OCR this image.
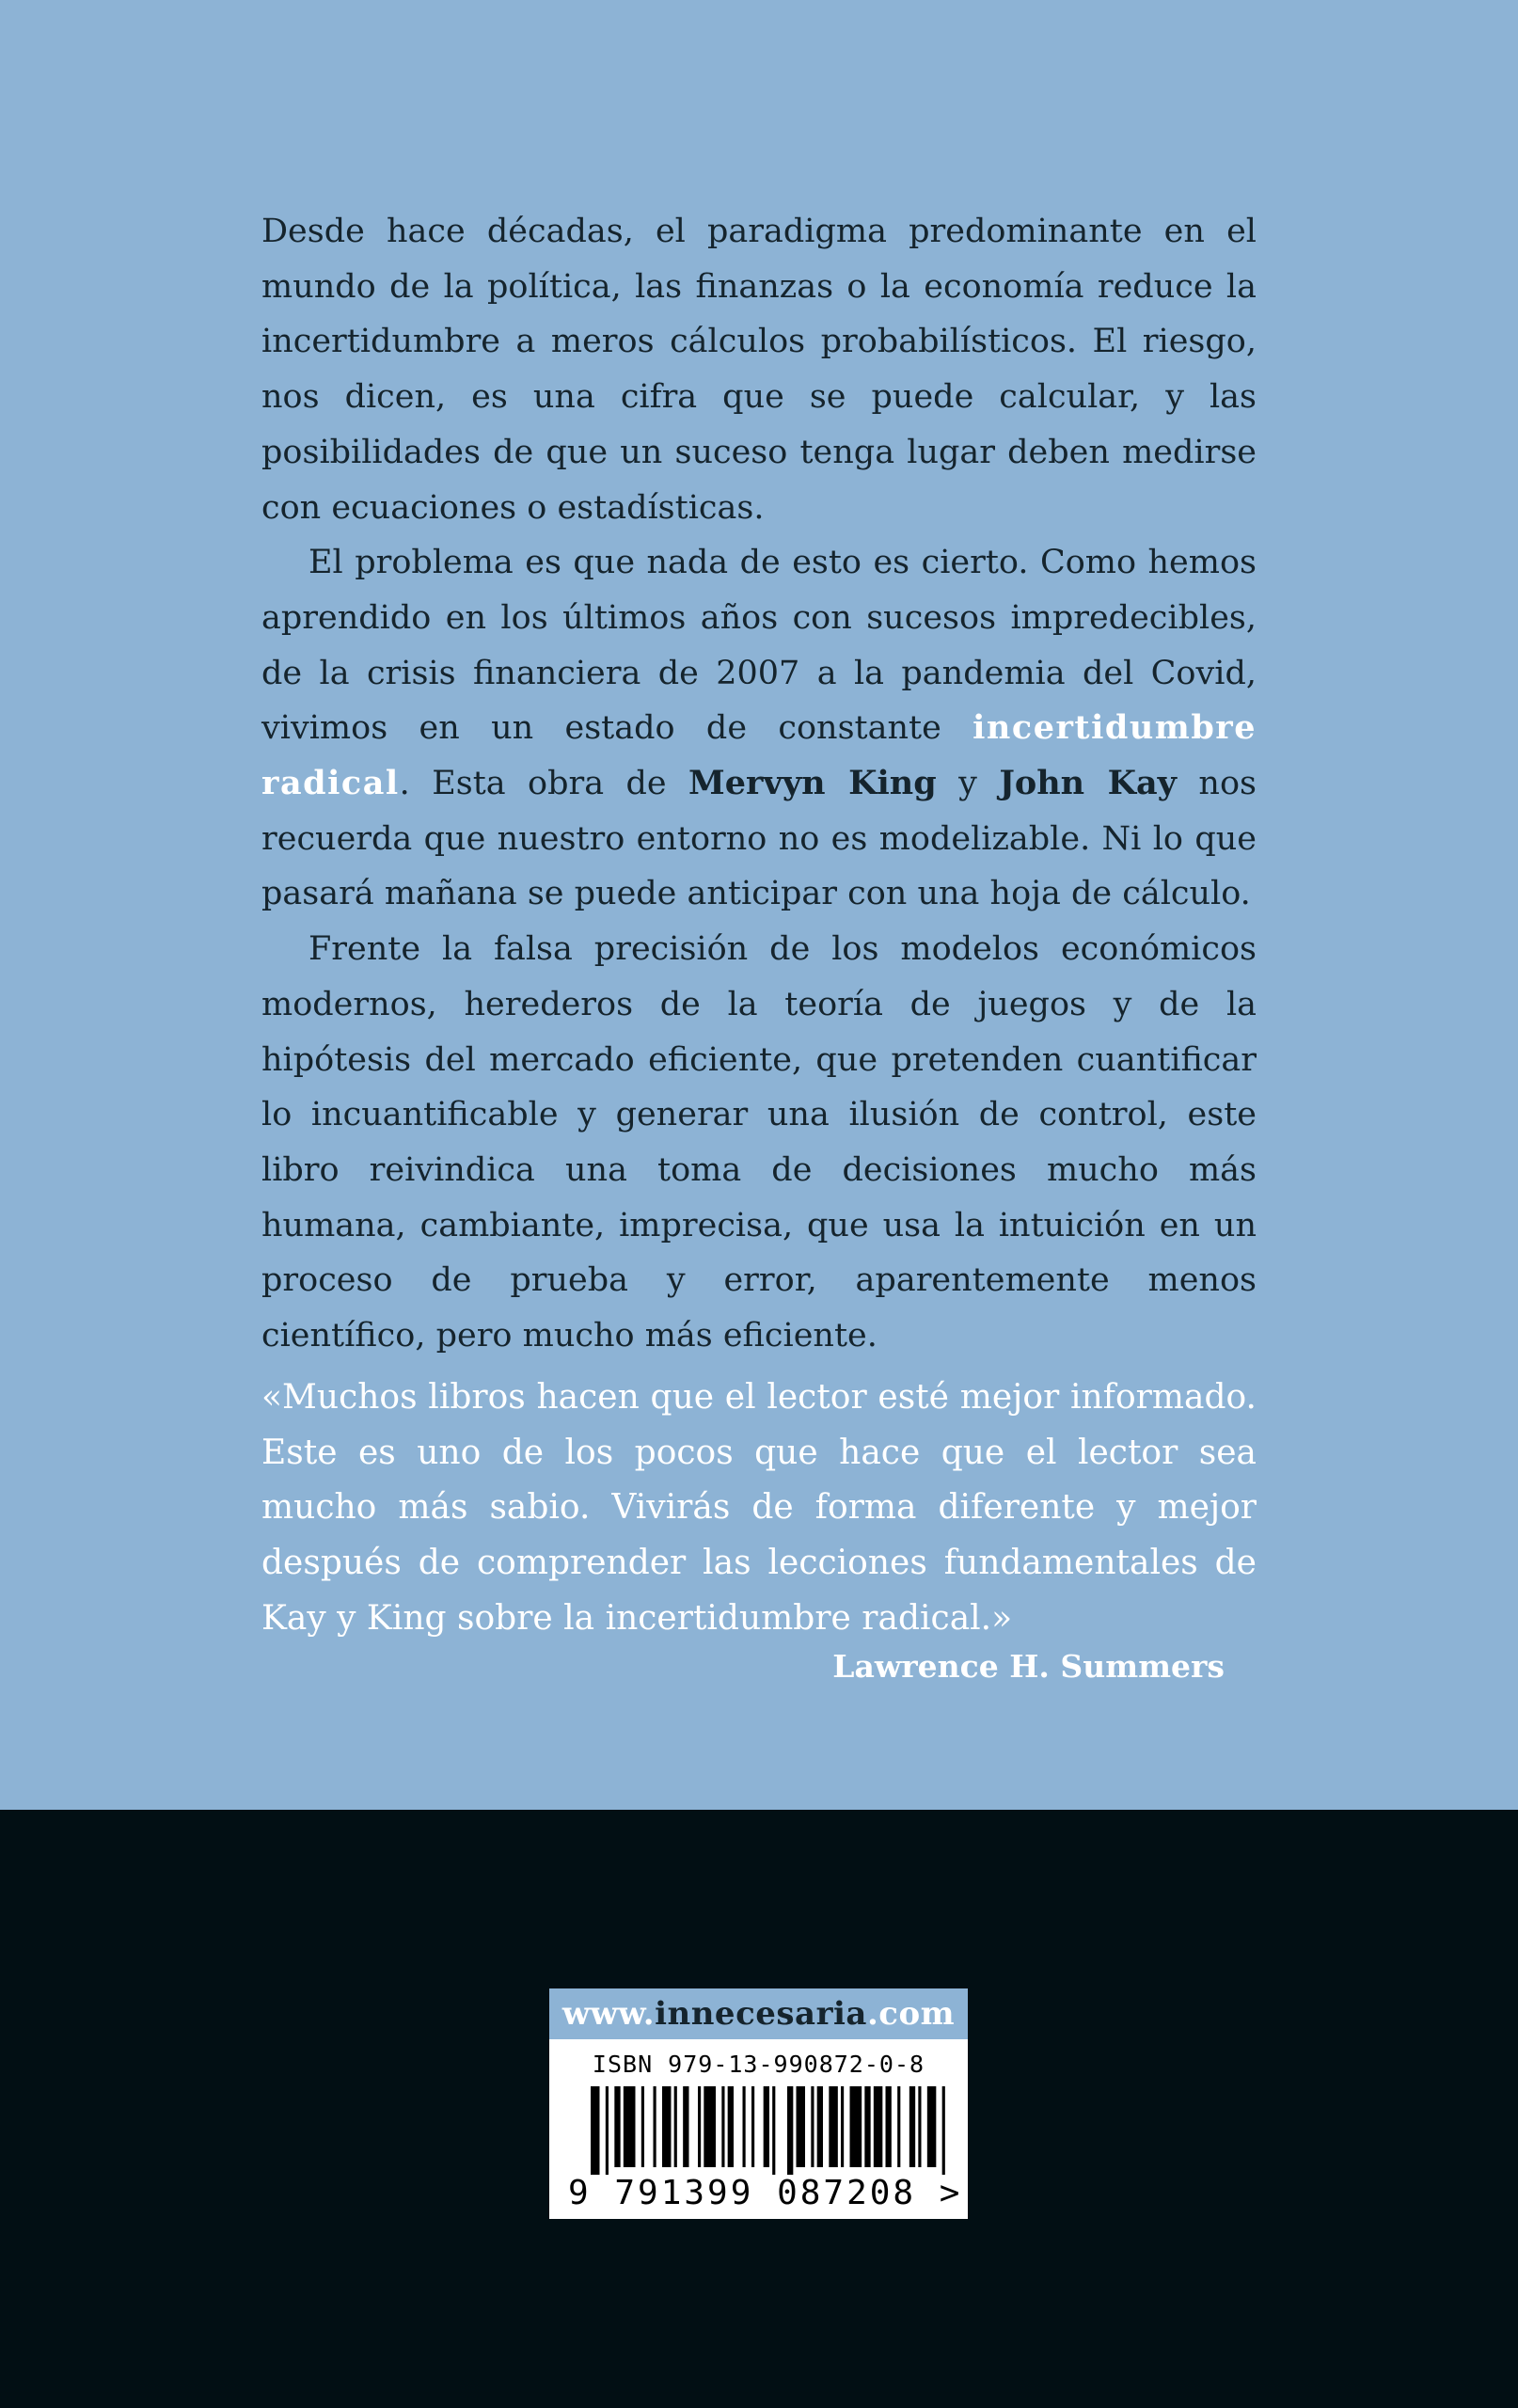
Desde hace décadas, el paradigma predominante en el mundo de la política, las finanzas o la economía reduce la incertidumbre a meros cálculos probabilísticos. El riesgo, nos dicen, es una cifra que se puede calcular, y las posibilidades de que un suceso tenga lugar deben medirse con ecuaciones o estadísticas.

El problema es que nada de esto es cierto. Como hemos aprendido en los últimos años con sucesos impredecibles, de la crisis financiera de 2007 a la pandemia del Covid, vivimos en un estado de constante incertidumbre radical. Esta obra de Mervyn King y John Kay nos recuerda que nuestro entorno no es modelizable. Ni lo que pasará mañana se puede anticipar con una hoja de cálculo.

Frente la falsa precisión de los modelos económicos modernos, herederos de la teoría de juegos y de la hipótesis del mercado eficiente, que pretenden cuantificar lo incuantificable y generar una ilusión de control, este libro reivindica una toma de decisiones mucho más humana, cambiante, imprecisa, que usa la intuición en un proceso de prueba y error, aparentemente menos científico, pero mucho más eficiente.

«Muchos libros hacen que el lector esté mejor informado. Este es uno de los pocos que hace que el lector sea mucho más sabio. Vivirás de forma diferente y mejor después de comprender las lecciones fundamentales de Kay y King sobre la incertidumbre radical.»

Lawrence H. Summers
www.innecesaria.com
ISBN 979-13-990872-0-8
9 791399 087208 >
